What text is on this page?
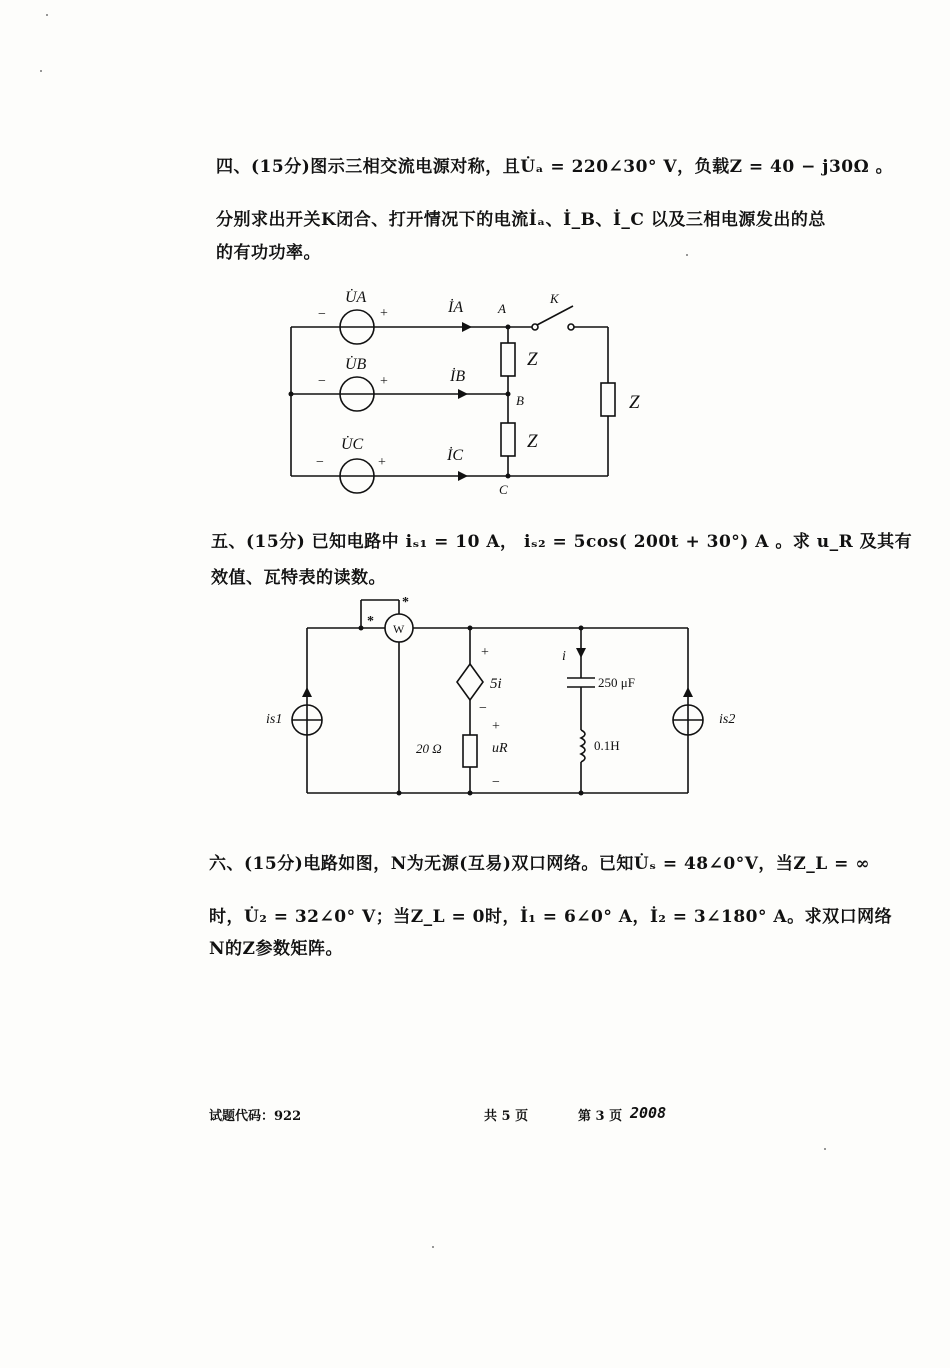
四、(15分)图示三相交流电源对称，且U̇ₐ = 220∠30° V，负载Z = 40 − j30Ω 。
分别求出开关K闭合、打开情况下的电流İₐ、İ_B、İ_C 以及三相电源发出的总
的有功功率。
−	+
−	+
−	+
U̇A
U̇B
U̇C
İA
İB
İC
A
B
C
K
Z
Z
Z
五、(15分) 已知电路中 iₛ₁ = 10 A， iₛ₂ = 5cos( 200t + 30°) A 。求 u_R 及其有
效值、瓦特表的读数。
*
*
W
is1	is2
+
−
5i
+
−
20 Ω	uR
i
250 μF
0.1H
六、(15分)电路如图，N为无源(互易)双口网络。已知U̇ₛ = 48∠0°V，当Z_L = ∞
时，U̇₂ = 32∠0° V；当Z_L = 0时，İ₁ = 6∠0° A，İ₂ = 3∠180° A。求双口网络
N的Z参数矩阵。
试题代码：922	共 5 页	第 3 页 2008
